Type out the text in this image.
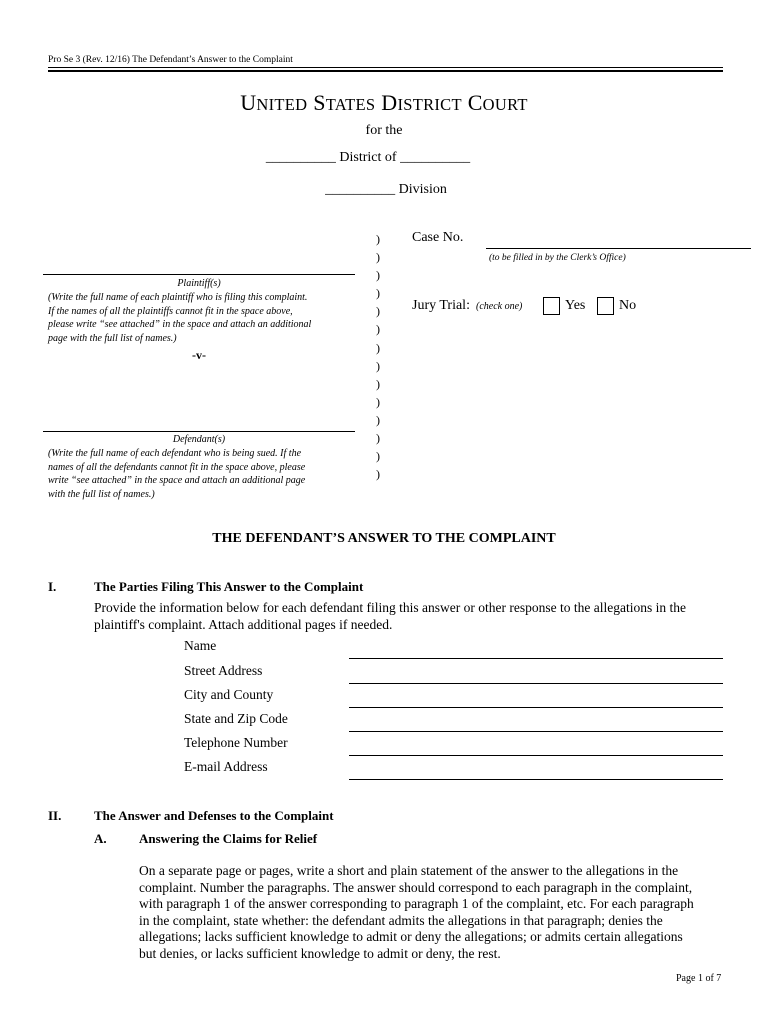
Pro Se 3 (Rev. 12/16) The Defendant’s Answer to the Complaint
UNITED STATES DISTRICT COURT
for the
__________ District of __________
__________ Division
Plaintiff(s)
(Write the full name of each plaintiff who is filing this complaint.
If the names of all the plaintiffs cannot fit in the space above,
please write “see attached” in the space and attach an additional
page with the full list of names.)
-v-
Defendant(s)
(Write the full name of each defendant who is being sued. If the
names of all the defendants cannot fit in the space above, please
write “see attached” in the space and attach an additional page
with the full list of names.)
)
)
)
)
)
)
)
)
)
)
)
)
)
)
Case No.
(to be filled in by the Clerk’s Office)
Jury Trial: (check one)	Yes No
THE DEFENDANT’S ANSWER TO THE COMPLAINT
I.	The Parties Filing This Answer to the Complaint
Provide the information below for each defendant filing this answer or other response to the allegations in the
plaintiff's complaint. Attach additional pages if needed.
Name
Street Address
City and County
State and Zip Code
Telephone Number
E-mail Address
II.	The Answer and Defenses to the Complaint
A. Answering the Claims for Relief
On a separate page or pages, write a short and plain statement of the answer to the allegations in the
complaint. Number the paragraphs. The answer should correspond to each paragraph in the complaint,
with paragraph 1 of the answer corresponding to paragraph 1 of the complaint, etc. For each paragraph
in the complaint, state whether: the defendant admits the allegations in that paragraph; denies the
allegations; lacks sufficient knowledge to admit or deny the allegations; or admits certain allegations
but denies, or lacks sufficient knowledge to admit or deny, the rest.
Page 1 of 7
